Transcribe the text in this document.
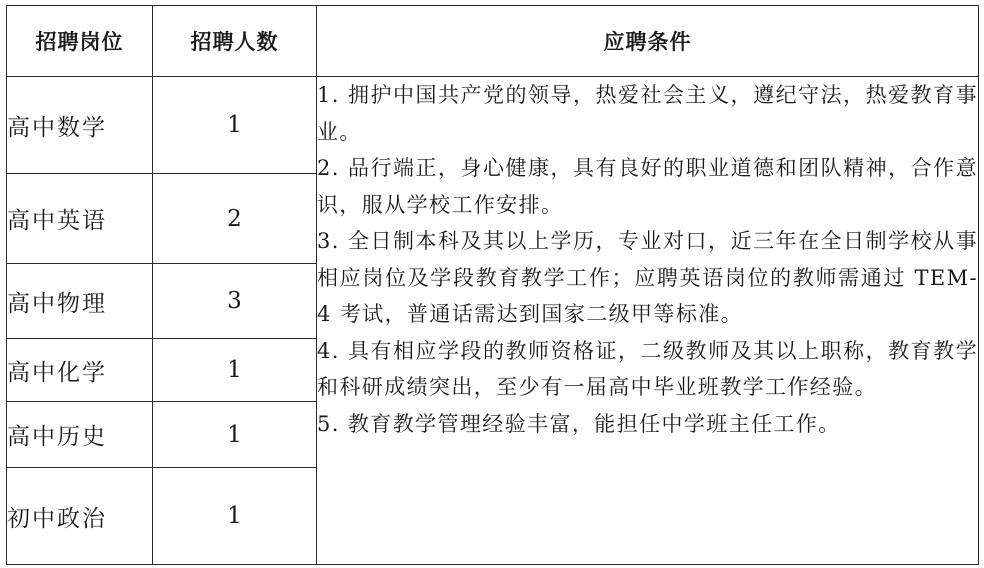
招聘岗位	招聘人数	应聘条件
高中数学	1	1. 拥护中国共产党的领导，热爱社会主义，遵纪守法，热爱教育事业。
2. 品行端正，身心健康，具有良好的职业道德和团队精神，合作意识，服从学校工作安排。
3. 全日制本科及其以上学历，专业对口，近三年在全日制学校从事相应岗位及学段教育教学工作；应聘英语岗位的教师需通过 TEM-4 考试，普通话需达到国家二级甲等标准。
4. 具有相应学段的教师资格证，二级教师及其以上职称，教育教学和科研成绩突出，至少有一届高中毕业班教学工作经验。
5. 教育教学管理经验丰富，能担任中学班主任工作。

高中英语	2	
高中物理	3	
高中化学	1	
高中历史	1	
初中政治	1	
